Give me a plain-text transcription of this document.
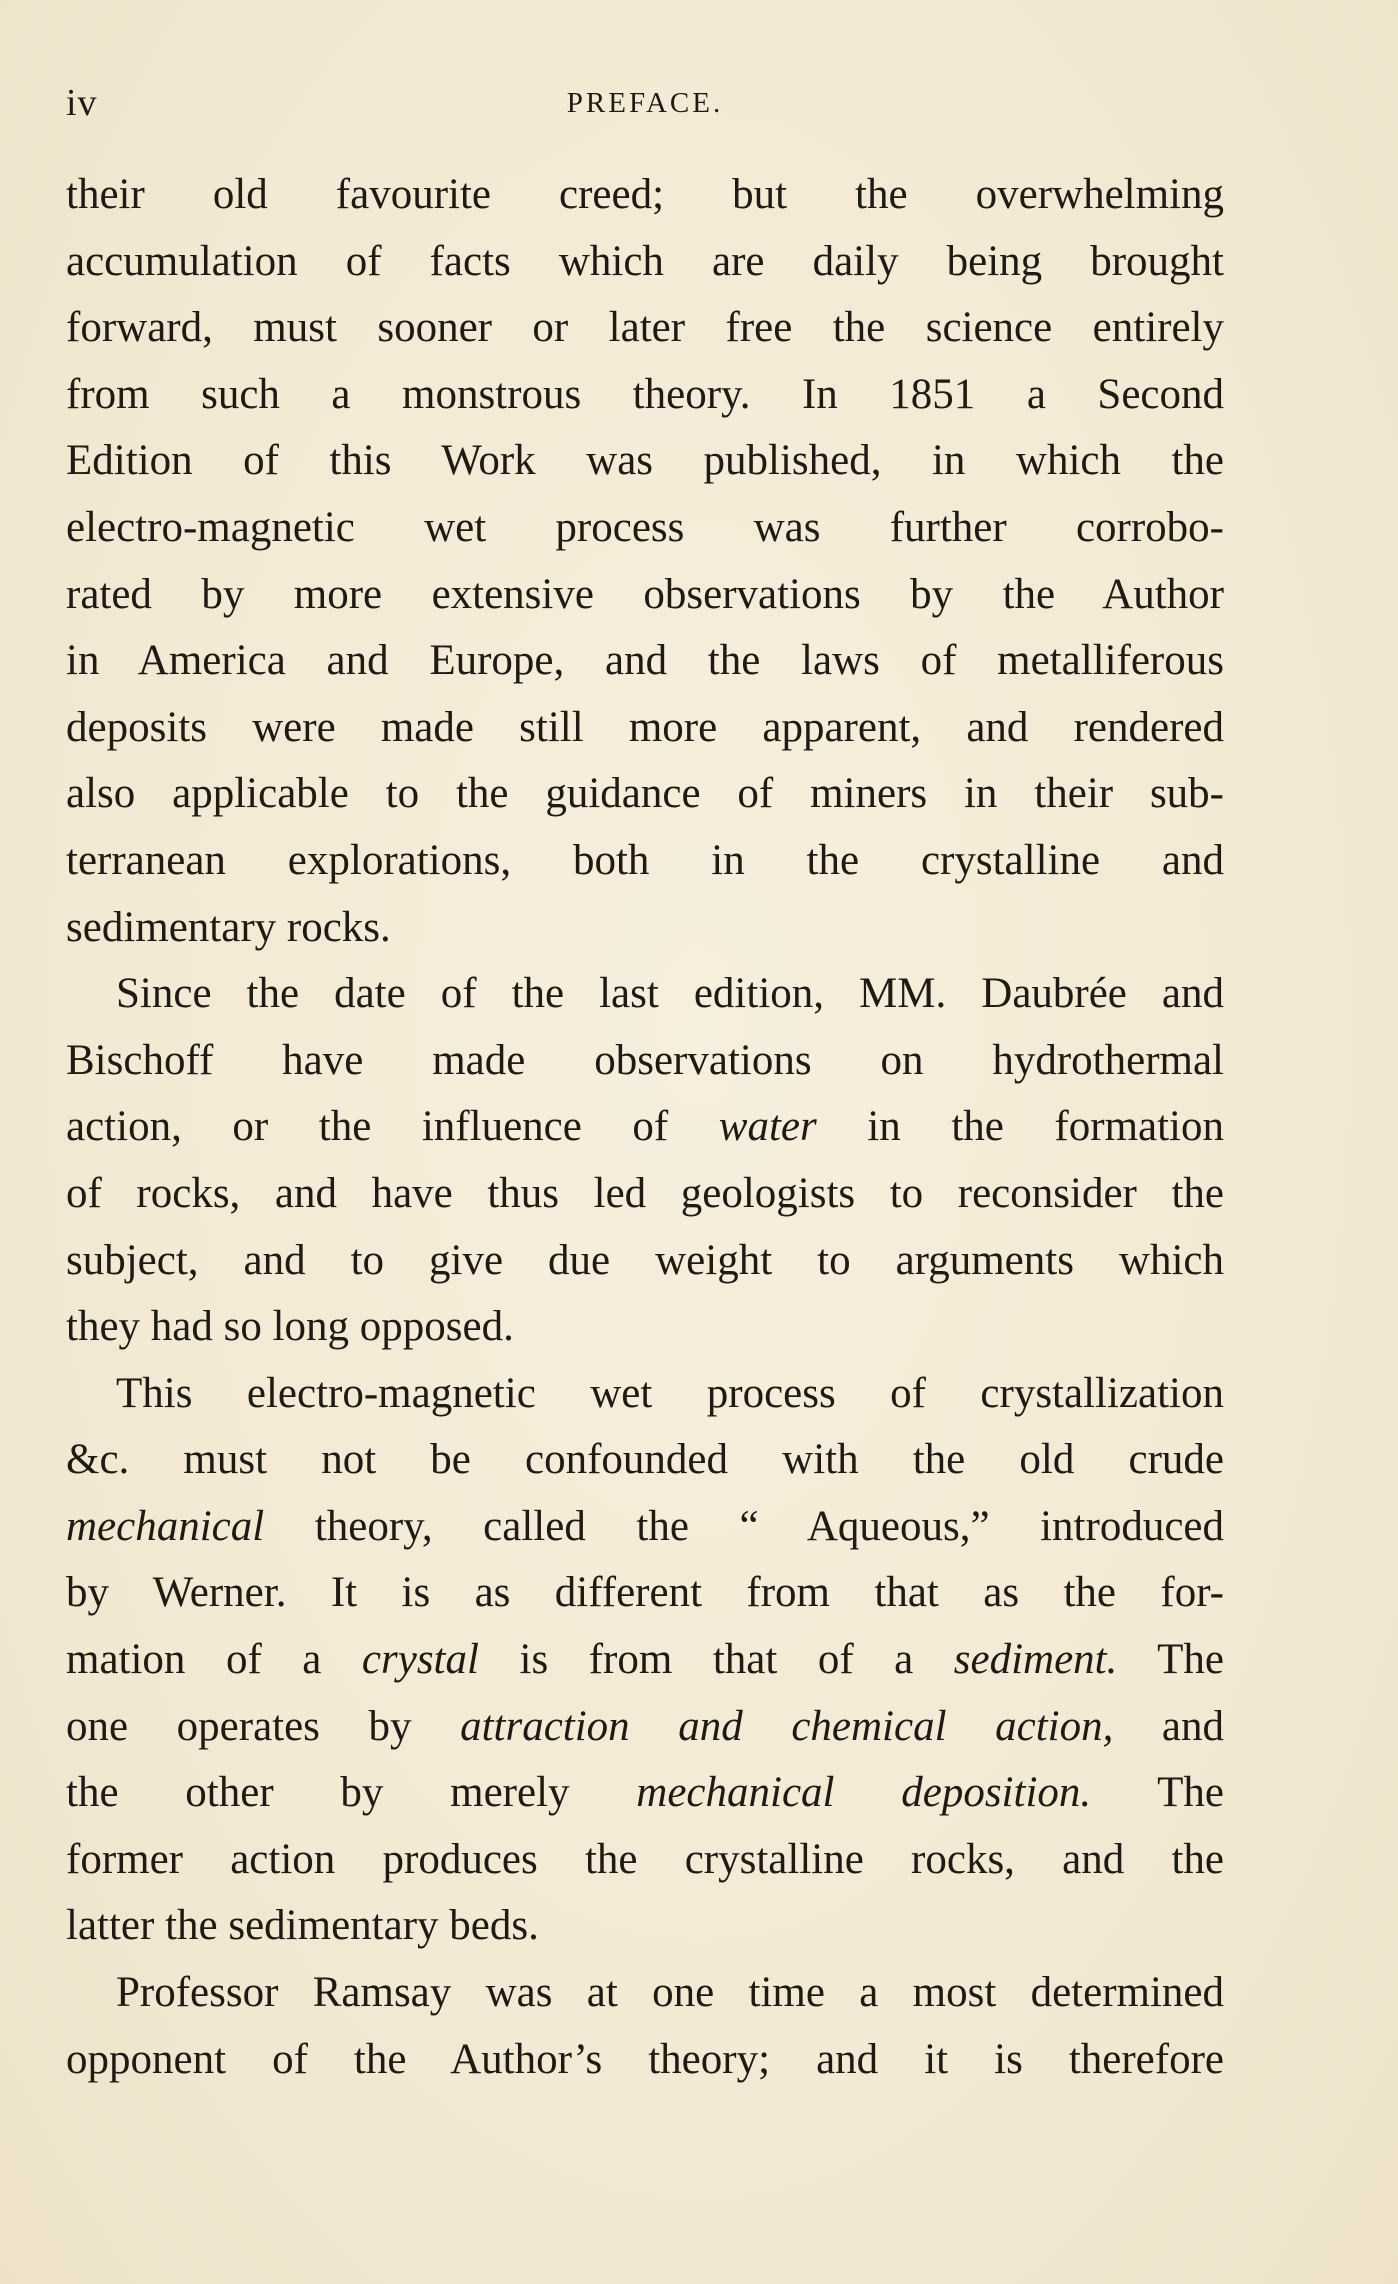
iv	PREFACE.
their old favourite creed; but the overwhelming
accumulation of facts which are daily being brought
forward, must sooner or later free the science entirely
from such a monstrous theory. In 1851 a Second
Edition of this Work was published, in which the
electro-magnetic wet process was further corrobo-
rated by more extensive observations by the Author
in America and Europe, and the laws of metalliferous
deposits were made still more apparent, and rendered
also applicable to the guidance of miners in their sub-
terranean explorations, both in the crystalline and
sedimentary rocks.
Since the date of the last edition, MM. Daubrée and
Bischoff have made observations on hydrothermal
action, or the influence of water in the formation
of rocks, and have thus led geologists to reconsider the
subject, and to give due weight to arguments which
they had so long opposed.
This electro-magnetic wet process of crystallization
&c. must not be confounded with the old crude
mechanical theory, called the “ Aqueous,” introduced
by Werner. It is as different from that as the for-
mation of a crystal is from that of a sediment. The
one operates by attraction and chemical action, and
the other by merely mechanical deposition. The
former action produces the crystalline rocks, and the
latter the sedimentary beds.
Professor Ramsay was at one time a most determined
opponent of the Author’s theory; and it is therefore
